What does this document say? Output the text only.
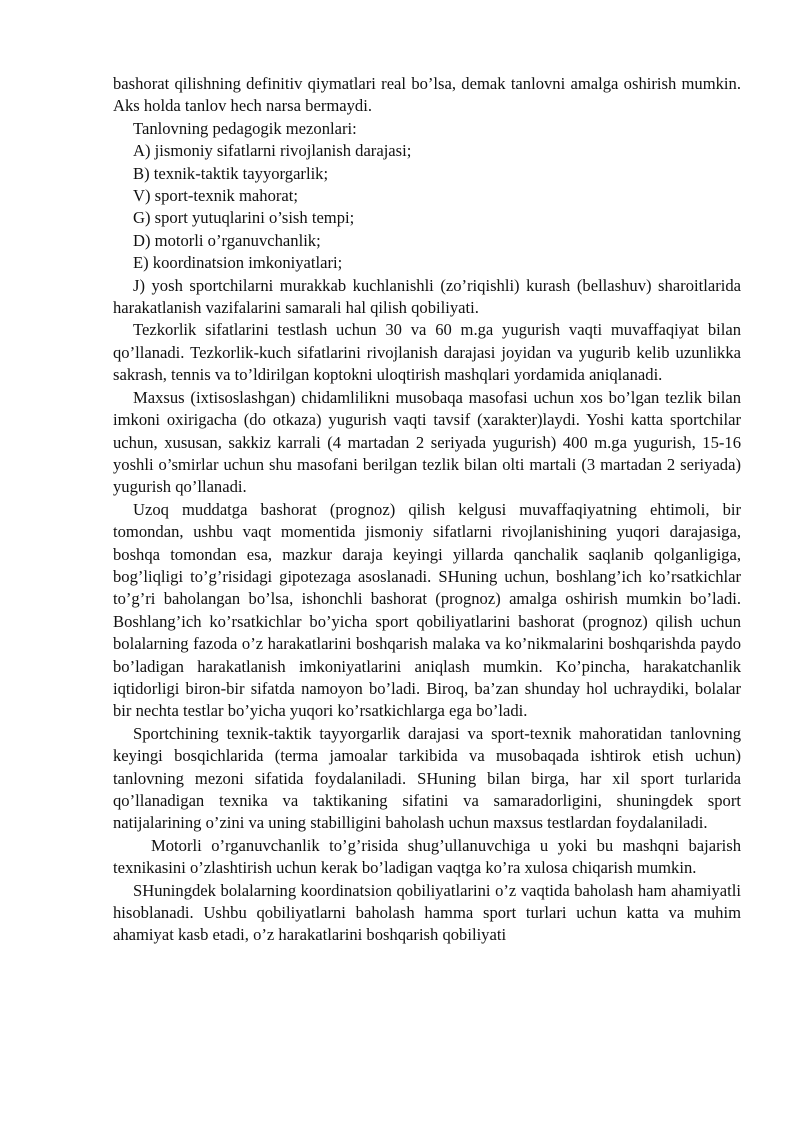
bashorat qilishning definitiv qiymatlari real bo’lsa, demak tanlovni amalga oshirish mumkin. Aks holda tanlov hech narsa bermaydi.

Tanlovning pedagogik mezonlari:

A) jismoniy sifatlarni rivojlanish darajasi;

B) texnik-taktik tayyorgarlik;

V) sport-texnik mahorat;

G) sport yutuqlarini o’sish tempi;

D) motorli o’rganuvchanlik;

E) koordinatsion imkoniyatlari;

J) yosh sportchilarni murakkab kuchlanishli (zo’riqishli) kurash (bellashuv) sharoitlarida harakatlanish vazifalarini samarali hal qilish qobiliyati.

Tezkorlik sifatlarini testlash uchun 30 va 60 m.ga yugurish vaqti muvaffaqiyat bilan qo’llanadi. Tezkorlik-kuch sifatlarini rivojlanish darajasi joyidan va yugurib kelib uzunlikka sakrash, tennis va to’ldirilgan koptokni uloqtirish mashqlari yordamida aniqlanadi.

Maxsus (ixtisoslashgan) chidamlilikni musobaqa masofasi uchun xos bo’lgan tezlik bilan imkoni oxirigacha (do otkaza) yugurish vaqti tavsif (xarakter)laydi. Yoshi katta sportchilar uchun, xususan, sakkiz karrali (4 martadan 2 seriyada yugurish) 400 m.ga yugurish, 15-16 yoshli o’smirlar uchun shu masofani berilgan tezlik bilan olti martali (3 martadan 2 seriyada) yugurish qo’llanadi.

Uzoq muddatga bashorat (prognoz) qilish kelgusi muvaffaqiyatning ehtimoli, bir tomondan, ushbu vaqt momentida jismoniy sifatlarni rivojlanishining yuqori darajasiga, boshqa tomondan esa, mazkur daraja keyingi yillarda qanchalik saqlanib qolganligiga, bog’liqligi to’g’risidagi gipotezaga asoslanadi. SHuning uchun, boshlang’ich ko’rsatkichlar to’g’ri baholangan bo’lsa, ishonchli bashorat (prognoz) amalga oshirish mumkin bo’ladi. Boshlang’ich ko’rsatkichlar bo’yicha sport qobiliyatlarini bashorat (prognoz) qilish uchun bolalarning fazoda o’z harakatlarini boshqarish malaka va ko’nikmalarini boshqarishda paydo bo’ladigan harakatlanish imkoniyatlarini aniqlash mumkin. Ko’pincha, harakatchanlik iqtidorligi biron-bir sifatda namoyon bo’ladi. Biroq, ba’zan shunday hol uchraydiki, bolalar bir nechta testlar bo’yicha yuqori ko’rsatkichlarga ega bo’ladi.

Sportchining texnik-taktik tayyorgarlik darajasi va sport-texnik mahoratidan tanlovning keyingi bosqichlarida (terma jamoalar tarkibida va musobaqada ishtirok etish uchun) tanlovning mezoni sifatida foydalaniladi. SHuning bilan birga, har xil sport turlarida qo’llanadigan texnika va taktikaning sifatini va samaradorligini, shuningdek sport natijalarining o’zini va uning stabilligini baholash uchun maxsus testlardan foydalaniladi.

Motorli o’rganuvchanlik to’g’risida shug’ullanuvchiga u yoki bu mashqni bajarish texnikasini o’zlashtirish uchun kerak bo’ladigan vaqtga ko’ra xulosa chiqarish mumkin.

SHuningdek bolalarning koordinatsion qobiliyatlarini o’z vaqtida baholash ham ahamiyatli hisoblanadi. Ushbu qobiliyatlarni baholash hamma sport turlari uchun katta va muhim ahamiyat kasb etadi, o’z harakatlarini boshqarish qobiliyati
